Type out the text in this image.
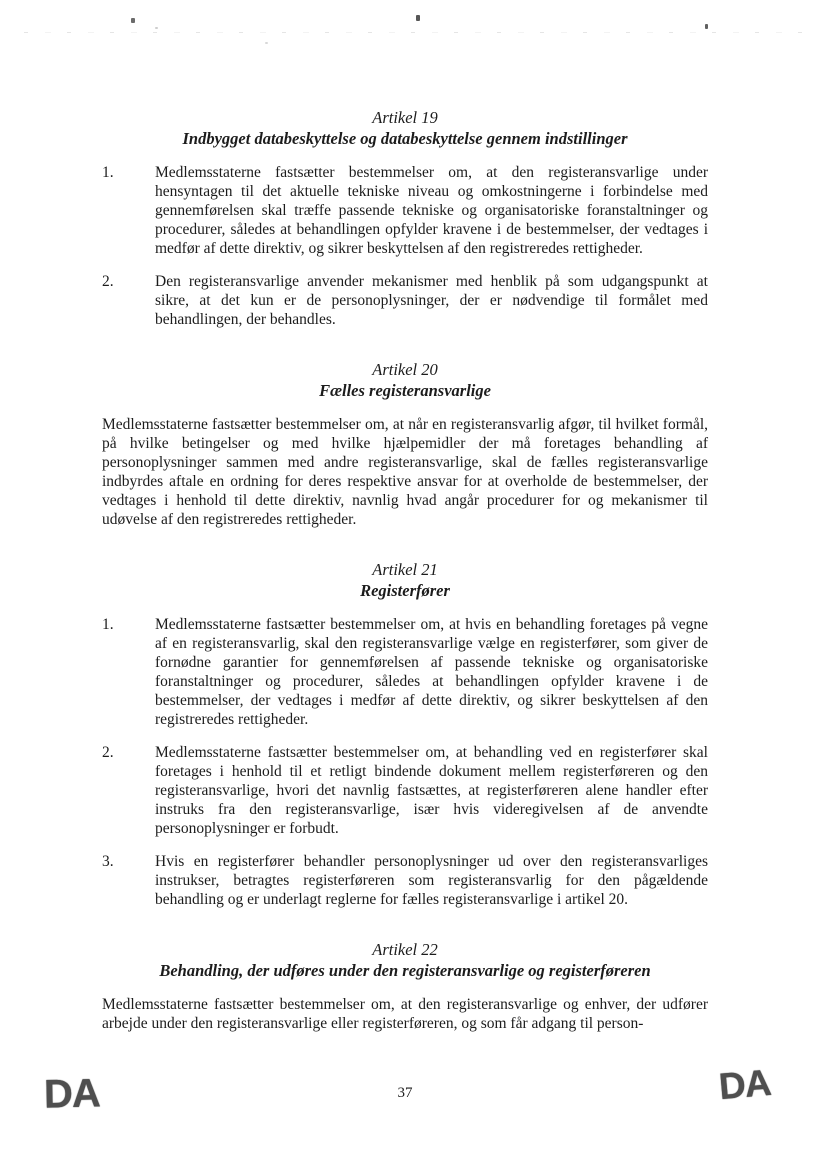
Artikel 19
Indbygget databeskyttelse og databeskyttelse gennem indstillinger
1.	Medlemsstaterne fastsætter bestemmelser om, at den registeransvarlige under hensyntagen til det aktuelle tekniske niveau og omkostningerne i forbindelse med gennemførelsen skal træffe passende tekniske og organisatoriske foranstaltninger og procedurer, således at behandlingen opfylder kravene i de bestemmelser, der vedtages i medfør af dette direktiv, og sikrer beskyttelsen af den registreredes rettigheder.
2.	Den registeransvarlige anvender mekanismer med henblik på som udgangspunkt at sikre, at det kun er de personoplysninger, der er nødvendige til formålet med behandlingen, der behandles.
Artikel 20
Fælles registeransvarlige
Medlemsstaterne fastsætter bestemmelser om, at når en registeransvarlig afgør, til hvilket formål, på hvilke betingelser og med hvilke hjælpemidler der må foretages behandling af personoplysninger sammen med andre registeransvarlige, skal de fælles registeransvarlige indbyrdes aftale en ordning for deres respektive ansvar for at overholde de bestemmelser, der vedtages i henhold til dette direktiv, navnlig hvad angår procedurer for og mekanismer til udøvelse af den registreredes rettigheder.
Artikel 21
Registerfører
1.	Medlemsstaterne fastsætter bestemmelser om, at hvis en behandling foretages på vegne af en registeransvarlig, skal den registeransvarlige vælge en registerfører, som giver de fornødne garantier for gennemførelsen af passende tekniske og organisatoriske foranstaltninger og procedurer, således at behandlingen opfylder kravene i de bestemmelser, der vedtages i medfør af dette direktiv, og sikrer beskyttelsen af den registreredes rettigheder.
2.	Medlemsstaterne fastsætter bestemmelser om, at behandling ved en registerfører skal foretages i henhold til et retligt bindende dokument mellem registerføreren og den registeransvarlige, hvori det navnlig fastsættes, at registerføreren alene handler efter instruks fra den registeransvarlige, især hvis videregivelsen af de anvendte personoplysninger er forbudt.
3.	Hvis en registerfører behandler personoplysninger ud over den registeransvarliges instrukser, betragtes registerføreren som registeransvarlig for den pågældende behandling og er underlagt reglerne for fælles registeransvarlige i artikel 20.
Artikel 22
Behandling, der udføres under den registeransvarlige og registerføreren
Medlemsstaterne fastsætter bestemmelser om, at den registeransvarlige og enhver, der udfører arbejde under den registeransvarlige eller registerføreren, og som får adgang til person-
DA	37	DA
